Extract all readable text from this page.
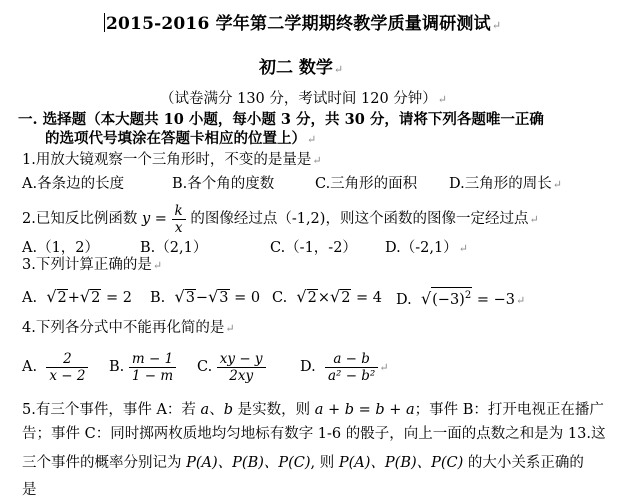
2015-2016 学年第二学期期终教学质量调研测试↵
初二 数学↵
（试卷满分 130 分，考试时间 120 分钟）↵
一. 选择题（本大题共 10 小题，每小题 3 分，共 30 分，请将下列各题唯一正确
的选项代号填涂在答题卡相应的位置上）↵
1.用放大镜观察一个三角形时，不变的是量是↵
A.各条边的长度	B.各个角的度数	C.三角形的面积 D.三角形的周长↵
2.已知反比例函数 $y = \frac{k}{x}$ 的图像经过点（-1,2)，则这个函数的图像一定经过点↵
A.（1，2）	B.（2,1）	C.（-1，-2） D.（-2,1）↵
3.下列计算正确的是↵
A. √2+√2 = 2 B. √3−√3 = 0 C. √2×√2 = 4 D. $√(-3)^2$ = −3↵
4.下列各分式中不能再化简的是↵
A. $\frac{2}{x - 2} B$. $\frac{m - 1}{1 - m} C$. $\frac{xy - y}{2xy} D$. $\frac{a - b}{\text{a² − b²}}$ ↵
5.有三个事件，事件 A：若 a、b 是实数，则 a + b = b + a；事件 B：打开电视正在播广
告；事件 C：同时掷两枚质地均匀地标有数字 1-6 的骰子，向上一面的点数之和是为 13.这
三个事件的概率分别记为 P(A)、P(B)、P(C), 则 P(A)、P(B)、P(C) 的大小关系正确的
是
